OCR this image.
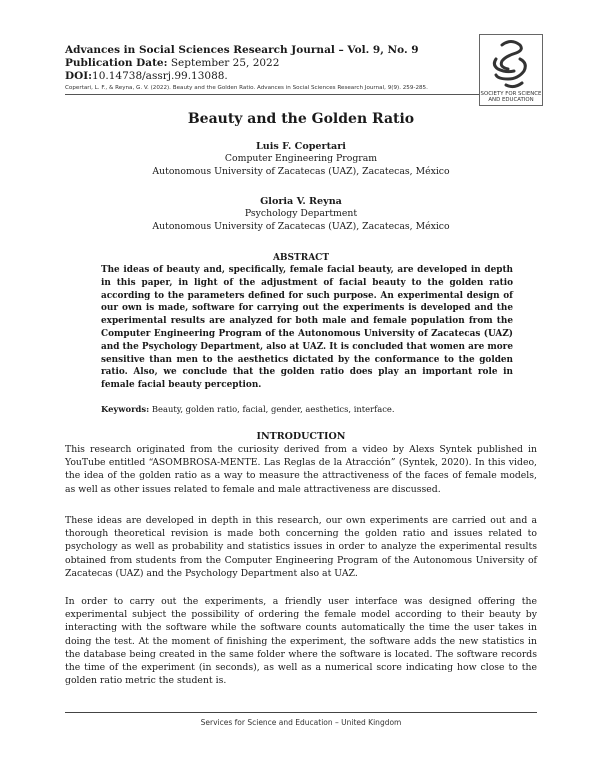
Advances in Social Sciences Research Journal – Vol. 9, No. 9
Publication Date: September 25, 2022
DOI:10.14738/assrj.99.13088.
Copertari, L. F., & Reyna, G. V. (2022). Beauty and the Golden Ratio. Advances in Social Sciences Research Journal, 9(9). 259-285.
SOCIETY FOR SCIENCE
AND EDUCATION
Beauty and the Golden Ratio
Luis F. Copertari
Computer Engineering Program
Autonomous University of Zacatecas (UAZ), Zacatecas, México
Gloria V. Reyna
Psychology Department
Autonomous University of Zacatecas (UAZ), Zacatecas, México
ABSTRACT
The ideas of beauty and, specifically, female facial beauty, are developed in depth in this paper, in light of the adjustment of facial beauty to the golden ratio according to the parameters defined for such purpose. An experimental design of our own is made, software for carrying out the experiments is developed and the experimental results are analyzed for both male and female population from the Computer Engineering Program of the Autonomous University of Zacatecas (UAZ) and the Psychology Department, also at UAZ. It is concluded that women are more sensitive than men to the aesthetics dictated by the conformance to the golden ratio. Also, we conclude that the golden ratio does play an important role in female facial beauty perception.
Keywords: Beauty, golden ratio, facial, gender, aesthetics, interface.
INTRODUCTION
This research originated from the curiosity derived from a video by Alexs Syntek published in YouTube entitled “ASOMBROSA-MENTE. Las Reglas de la Atracción” (Syntek, 2020). In this video, the idea of the golden ratio as a way to measure the attractiveness of the faces of female models, as well as other issues related to female and male attractiveness are discussed.
These ideas are developed in depth in this research, our own experiments are carried out and a thorough theoretical revision is made both concerning the golden ratio and issues related to psychology as well as probability and statistics issues in order to analyze the experimental results obtained from students from the Computer Engineering Program of the Autonomous University of Zacatecas (UAZ) and the Psychology Department also at UAZ.
In order to carry out the experiments, a friendly user interface was designed offering the experimental subject the possibility of ordering the female model according to their beauty by interacting with the software while the software counts automatically the time the user takes in doing the test. At the moment of finishing the experiment, the software adds the new statistics in the database being created in the same folder where the software is located. The software records the time of the experiment (in seconds), as well as a numerical score indicating how close to the golden ratio metric the student is.
Services for Science and Education – United Kingdom
